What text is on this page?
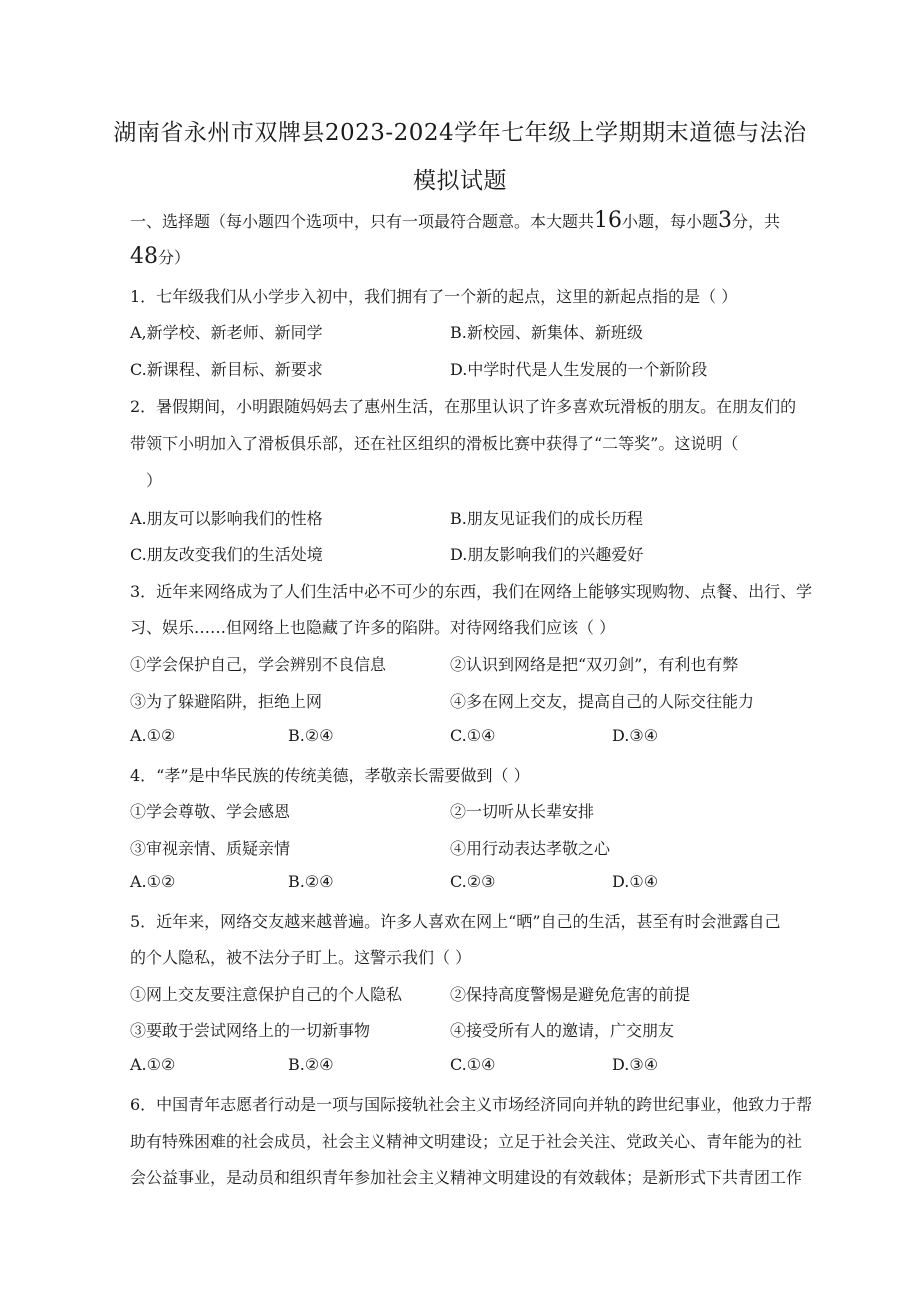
湖南省永州市双牌县2023-2024学年七年级上学期期末道德与法治
模拟试题
一、选择题（每小题四个选项中，只有一项最符合题意。本大题共16小题，每小题3分，共
48分）
1．七年级我们从小学步入初中，我们拥有了一个新的起点，这里的新起点指的是（ ）
A,新学校、新老师、新同学	B.新校园、新集体、新班级
C.新课程、新目标、新要求	D.中学时代是人生发展的一个新阶段
2．暑假期间，小明跟随妈妈去了惠州生活，在那里认识了许多喜欢玩滑板的朋友。在朋友们的
带领下小明加入了滑板俱乐部，还在社区组织的滑板比赛中获得了“二等奖”。这说明（
）
A.朋友可以影响我们的性格	B.朋友见证我们的成长历程
C.朋友改变我们的生活处境	D.朋友影响我们的兴趣爱好
3．近年来网络成为了人们生活中必不可少的东西，我们在网络上能够实现购物、点餐、出行、学
习、娱乐……但网络上也隐藏了许多的陷阱。对待网络我们应该（ ）
①学会保护自己，学会辨别不良信息	②认识到网络是把“双刃剑”，有利也有弊
③为了躲避陷阱，拒绝上网	④多在网上交友，提高自己的人际交往能力
A.①②	B.②④	C.①④	D.③④
4．“孝”是中华民族的传统美德，孝敬亲长需要做到（ ）
①学会尊敬、学会感恩	②一切听从长辈安排
③审视亲情、质疑亲情	④用行动表达孝敬之心
A.①②	B.②④	C.②③	D.①④
5．近年来，网络交友越来越普遍。许多人喜欢在网上“晒”自己的生活，甚至有时会泄露自己
的个人隐私，被不法分子盯上。这警示我们（ ）
①网上交友要注意保护自己的个人隐私	②保持高度警惕是避免危害的前提
③要敢于尝试网络上的一切新事物	④接受所有人的邀请，广交朋友
A.①②	B.②④	C.①④	D.③④
6．中国青年志愿者行动是一项与国际接轨社会主义市场经济同向并轨的跨世纪事业，他致力于帮
助有特殊困难的社会成员，社会主义精神文明建设；立足于社会关注、党政关心、青年能为的社
会公益事业，是动员和组织青年参加社会主义精神文明建设的有效载体；是新形式下共青团工作
